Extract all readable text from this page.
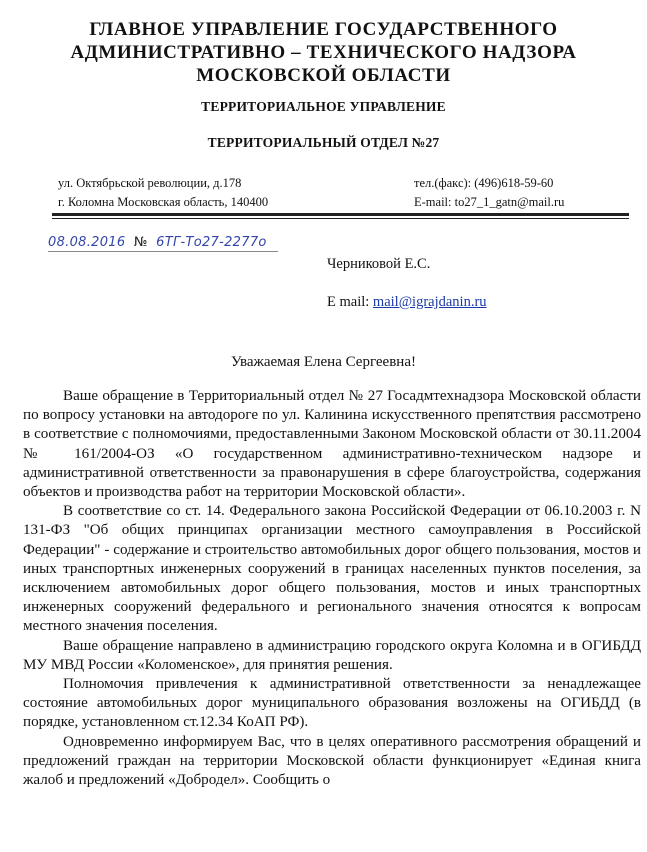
ГЛАВНОЕ УПРАВЛЕНИЕ ГОСУДАРСТВЕННОГО
АДМИНИСТРАТИВНО – ТЕХНИЧЕСКОГО НАДЗОРА
МОСКОВСКОЙ ОБЛАСТИ
ТЕРРИТОРИАЛЬНОЕ УПРАВЛЕНИЕ
ТЕРРИТОРИАЛЬНЫЙ ОТДЕЛ №27
ул. Октябрьской революции, д.178
г. Коломна Московская область, 140400
тел.(факс): (496)618-59-60
E-mail: to27_1_gatn@mail.ru
08.08.2016 № 6ТГ-То27-2277о
Черниковой Е.С.
E mail: mail@igrajdanin.ru
Уважаемая Елена Сергеевна!

Ваше обращение в Территориальный отдел № 27 Госадмтехнадзора Московской области по вопросу установки на автодороге по ул. Калинина искусственного препятствия рассмотрено в соответствие с полномочиями, предоставленными Законом Московской области от 30.11.2004 № 161/2004-ОЗ «О государственном административно-техническом надзоре и административной ответственности за правонарушения в сфере благоустройства, содержания объектов и производства работ на территории Московской области».

В соответствие со ст. 14. Федерального закона Российской Федерации от 06.10.2003 г. N 131-ФЗ "Об общих принципах организации местного самоуправления в Российской Федерации" - содержание и строительство автомобильных дорог общего пользования, мостов и иных транспортных инженерных сооружений в границах населенных пунктов поселения, за исключением автомобильных дорог общего пользования, мостов и иных транспортных инженерных сооружений федерального и регионального значения относятся к вопросам местного значения поселения.

Ваше обращение направлено в администрацию городского округа Коломна и в ОГИБДД МУ МВД России «Коломенское», для принятия решения.

Полномочия привлечения к административной ответственности за ненадлежащее состояние автомобильных дорог муниципального образования возложены на ОГИБДД (в порядке, установленном ст.12.34 КоАП РФ).

Одновременно информируем Вас, что в целях оперативного рассмотрения обращений и предложений граждан на территории Московской области функционирует «Единая книга жалоб и предложений «Добродел». Сообщить о
